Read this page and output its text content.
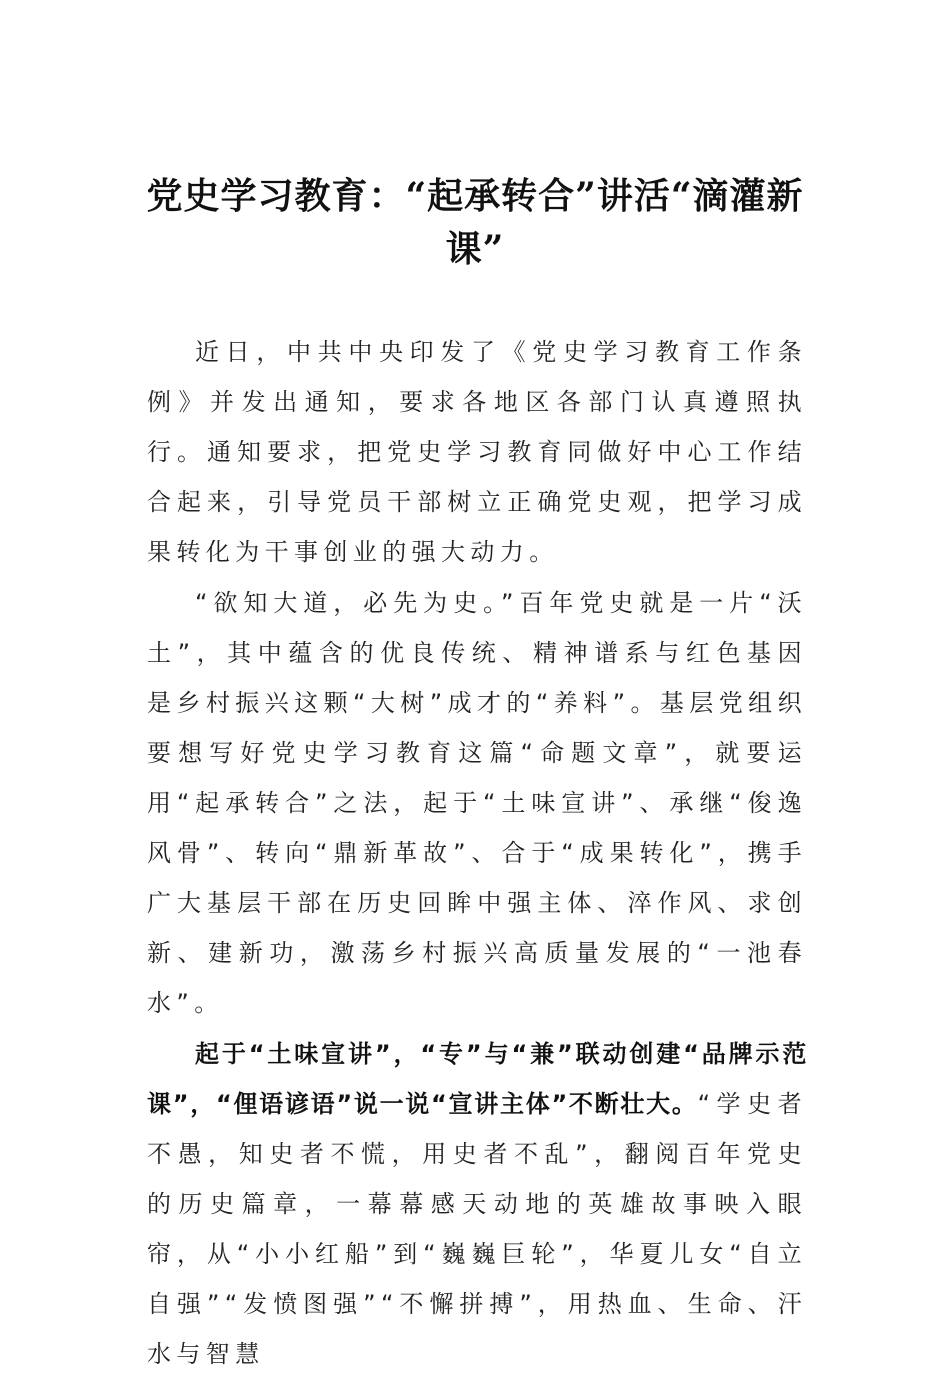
党史学习教育：“起承转合”讲活“滴灌新课”

近日，中共中央印发了《党史学习教育工作条例》并发出通知，要求各地区各部门认真遵照执行。通知要求，把党史学习教育同做好中心工作结合起来，引导党员干部树立正确党史观，把学习成果转化为干事创业的强大动力。

“欲知大道，必先为史。”百年党史就是一片“沃土”，其中蕴含的优良传统、精神谱系与红色基因是乡村振兴这颗“大树”成才的“养料”。基层党组织要想写好党史学习教育这篇“命题文章”，就要运用“起承转合”之法，起于“土味宣讲”、承继“俊逸风骨”、转向“鼎新革故”、合于“成果转化”，携手广大基层干部在历史回眸中强主体、淬作风、求创新、建新功，激荡乡村振兴高质量发展的“一池春水”。

起于“土味宣讲”，“专”与“兼”联动创建“品牌示范课”，“俚语谚语”说一说“宣讲主体”不断壮大。“学史者不愚，知史者不慌，用史者不乱”，翻阅百年党史的历史篇章，一幕幕感天动地的英雄故事映入眼帘，从“小小红船”到“巍巍巨轮”，华夏儿女“自立自强”“发愤图强”“不懈拼搏”，用热血、生命、汗水与智慧
